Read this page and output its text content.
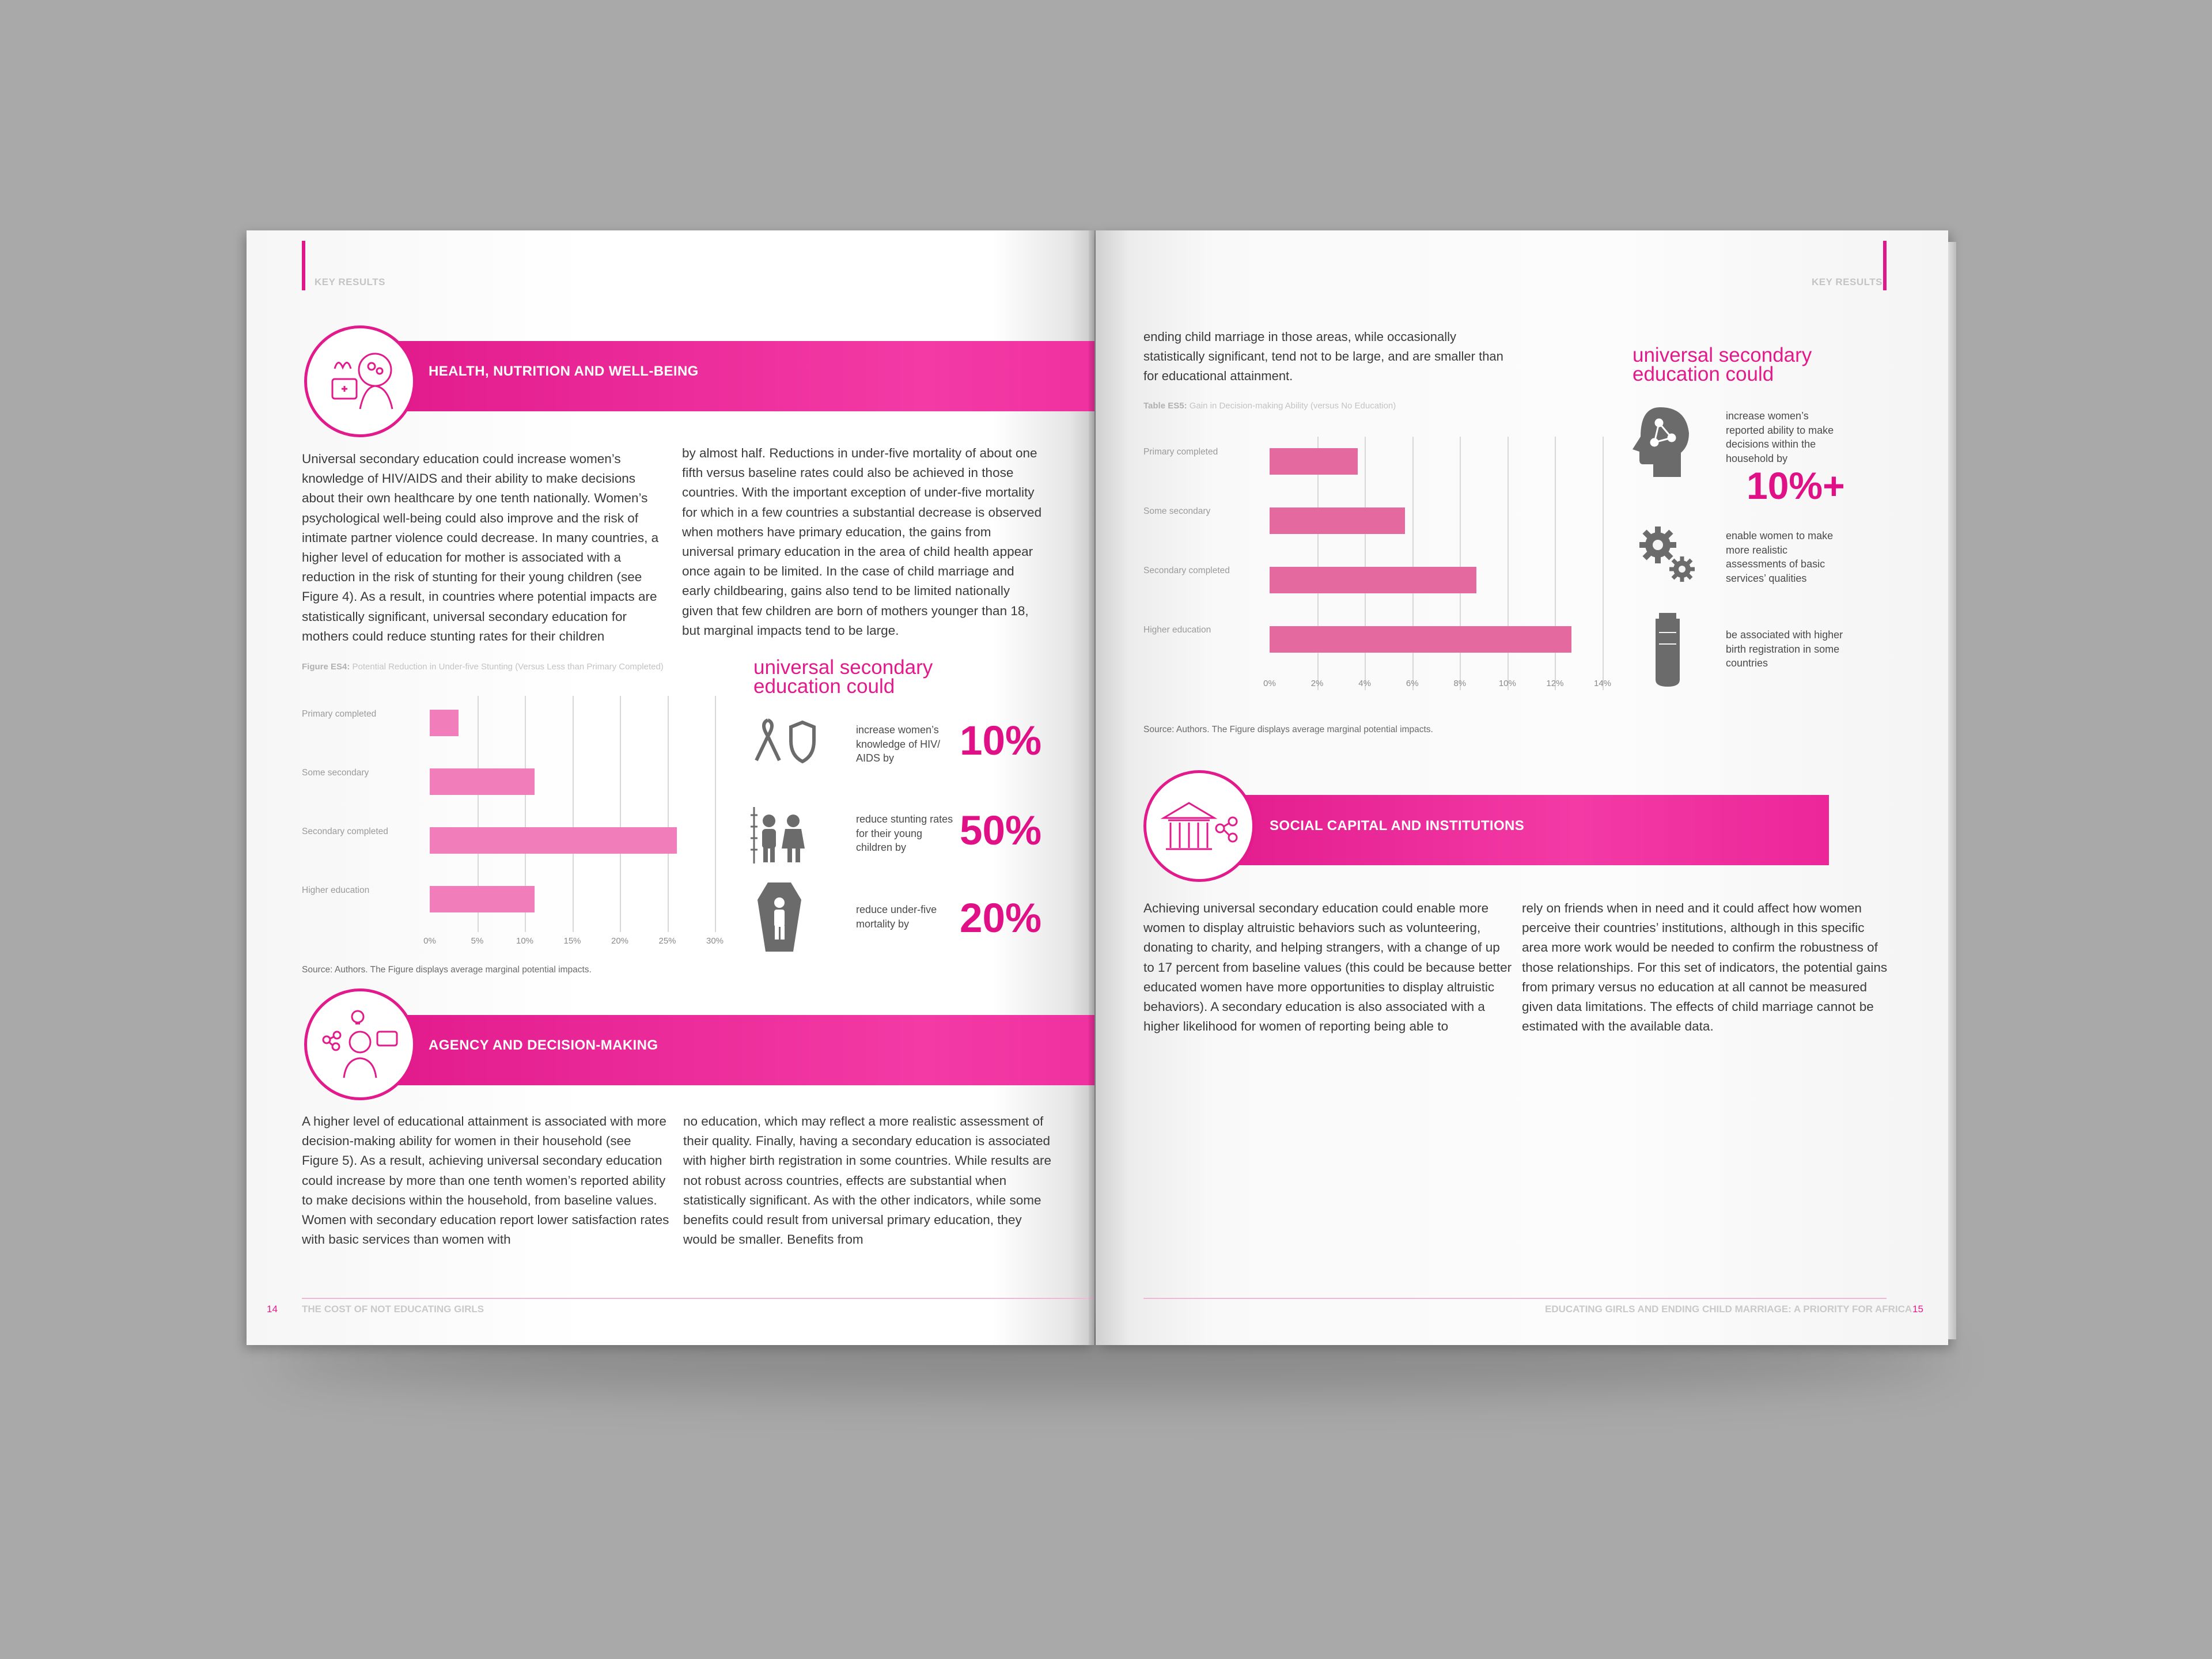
KEY RESULTS
HEALTH, NUTRITION AND WELL-BEING
Universal secondary education could increase women’s knowledge of HIV/AIDS and their ability to make decisions about their own healthcare by one tenth nationally. Women’s psychological well-being could also improve and the risk of intimate partner violence could decrease. In many countries, a higher level of education for mother is associated with a reduction in the risk of stunting for their young children (see Figure 4). As a result, in countries where potential impacts are statistically significant, universal secondary education for mothers could reduce stunting rates for their children
by almost half. Reductions in under-five mortality of about one fifth versus baseline rates could also be achieved in those countries. With the important exception of under-five mortality for which in a few countries a substantial decrease is observed when mothers have primary education, the gains from universal primary education in the area of child health appear once again to be limited. In the case of child marriage and early childbearing, gains also tend to be limited nationally given that few children are born of mothers younger than 18, but marginal impacts tend to be large.
Figure ES4: Potential Reduction in Under-five Stunting (Versus Less than Primary Completed)
0%	5%	10%	15%	20%	25%	30%
Primary completed
Some secondary
Secondary completed
Higher education
Source: Authors. The Figure displays average marginal potential impacts.
universal secondary
education could
increase women’s knowledge of HIV/ AIDS by	10%
reduce stunting rates for their young children by	50%
reduce under-five mortality by	20%
AGENCY AND DECISION-MAKING
A higher level of educational attainment is associated with more decision-making ability for women in their household (see Figure 5). As a result, achieving universal secondary education could increase by more than one tenth women’s reported ability to make decisions within the household, from baseline values. Women with secondary education report lower satisfaction rates with basic services than women with
no education, which may reflect a more realistic assessment of their quality. Finally, having a secondary education is associated with higher birth registration in some countries. While results are not robust across countries, effects are substantial when statistically significant. As with the other indicators, while some benefits could result from universal primary education, they would be smaller. Benefits from
14 THE COST OF NOT EDUCATING GIRLS
KEY RESULTS
ending child marriage in those areas, while occasionally statistically significant, tend not to be large, and are smaller than for educational attainment.
Table ES5: Gain in Decision-making Ability (versus No Education)
0%	2%	4%	6%	8%	10%	12%	14%
Primary completed
Some secondary
Secondary completed
Higher education
Source: Authors. The Figure displays average marginal potential impacts.
universal secondary
education could
increase women’s reported ability to make decisions within the household by
10%+
enable women to make more realistic assessments of basic services’ qualities
be associated with higher birth registration in some countries
SOCIAL CAPITAL AND INSTITUTIONS
Achieving universal secondary education could enable more women to display altruistic behaviors such as volunteering, donating to charity, and helping strangers, with a change of up to 17 percent from baseline values (this could be because better educated women have more opportunities to display altruistic behaviors). A secondary education is also associated with a higher likelihood for women of reporting being able to
rely on friends when in need and it could affect how women perceive their countries’ institutions, although in this specific area more work would be needed to confirm the robustness of those relationships. For this set of indicators, the potential gains from primary versus no education at all cannot be measured given data limitations. The effects of child marriage cannot be estimated with the available data.
EDUCATING GIRLS AND ENDING CHILD MARRIAGE: A PRIORITY FOR AFRICA 15
